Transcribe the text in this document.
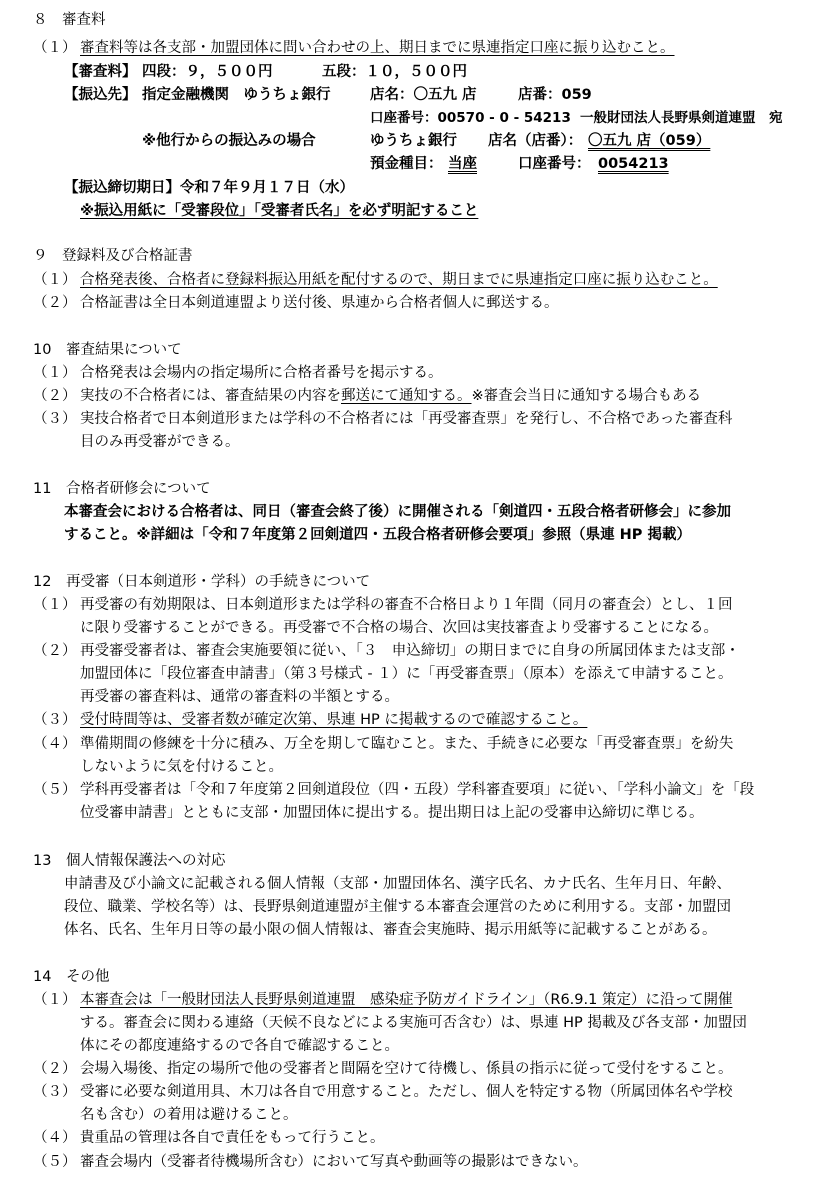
８　審査料
（１） 審査料等は各支部・加盟団体に問い合わせの上、期日までに県連指定口座に振り込むこと。
【審査料】 四段：９，５００円	五段：１０，５００円
【振込先】 指定金融機関　ゆうちょ銀行	店名：〇五九 店	店番：059
口座番号：00570 - 0 - 54213 一般財団法人長野県剣道連盟　宛
※他行からの振込みの場合	ゆうちょ銀行 店名（店番）： 〇五九 店（059）
預金種目： 当座	口座番号： 0054213
【振込締切期日】令和７年９月１７日（水）
※振込用紙に「受審段位」「受審者氏名」を必ず明記すること
９　登録料及び合格証書
（１） 合格発表後、合格者に登録料振込用紙を配付するので、期日までに県連指定口座に振り込むこと。
（２） 合格証書は全日本剣道連盟より送付後、県連から合格者個人に郵送する。
10　審査結果について
（１） 合格発表は会場内の指定場所に合格者番号を掲示する。
（２） 実技の不合格者には、審査結果の内容を郵送にて通知する。※審査会当日に通知する場合もある
（３） 実技合格者で日本剣道形または学科の不合格者には「再受審査票」を発行し、不合格であった審査科
目のみ再受審ができる。
11　合格者研修会について
本審査会における合格者は、同日（審査会終了後）に開催される「剣道四・五段合格者研修会」に参加
すること。※詳細は「令和７年度第２回剣道四・五段合格者研修会要項」参照（県連 HP 掲載）
12　再受審（日本剣道形・学科）の手続きについて
（１） 再受審の有効期限は、日本剣道形または学科の審査不合格日より１年間（同月の審査会）とし、１回
に限り受審することができる。再受審で不合格の場合、次回は実技審査より受審することになる。
（２） 再受審受審者は、審査会実施要領に従い、「３　申込締切」の期日までに自身の所属団体または支部・
加盟団体に「段位審査申請書」（第３号様式 - １）に「再受審査票」（原本）を添えて申請すること。
再受審の審査料は、通常の審査料の半額とする。
（３） 受付時間等は、受審者数が確定次第、県連 HP に掲載するので確認すること。
（４） 準備期間の修練を十分に積み、万全を期して臨むこと。また、手続きに必要な「再受審査票」を紛失
しないように気を付けること。
（５） 学科再受審者は「令和７年度第２回剣道段位（四・五段）学科審査要項」に従い、「学科小論文」を「段
位受審申請書」とともに支部・加盟団体に提出する。提出期日は上記の受審申込締切に準じる。
13　個人情報保護法への対応
申請書及び小論文に記載される個人情報（支部・加盟団体名、漢字氏名、カナ氏名、生年月日、年齢、
段位、職業、学校名等）は、長野県剣道連盟が主催する本審査会運営のために利用する。支部・加盟団
体名、氏名、生年月日等の最小限の個人情報は、審査会実施時、掲示用紙等に記載することがある。
14　その他
（１） 本審査会は「一般財団法人長野県剣道連盟　感染症予防ガイドライン」（R6.9.1 策定）に沿って開催
する。審査会に関わる連絡（天候不良などによる実施可否含む）は、県連 HP 掲載及び各支部・加盟団
体にその都度連絡するので各自で確認すること。
（２） 会場入場後、指定の場所で他の受審者と間隔を空けて待機し、係員の指示に従って受付をすること。
（３） 受審に必要な剣道用具、木刀は各自で用意すること。ただし、個人を特定する物（所属団体名や学校
名も含む）の着用は避けること。
（４） 貴重品の管理は各自で責任をもって行うこと。
（５） 審査会場内（受審者待機場所含む）において写真や動画等の撮影はできない。
